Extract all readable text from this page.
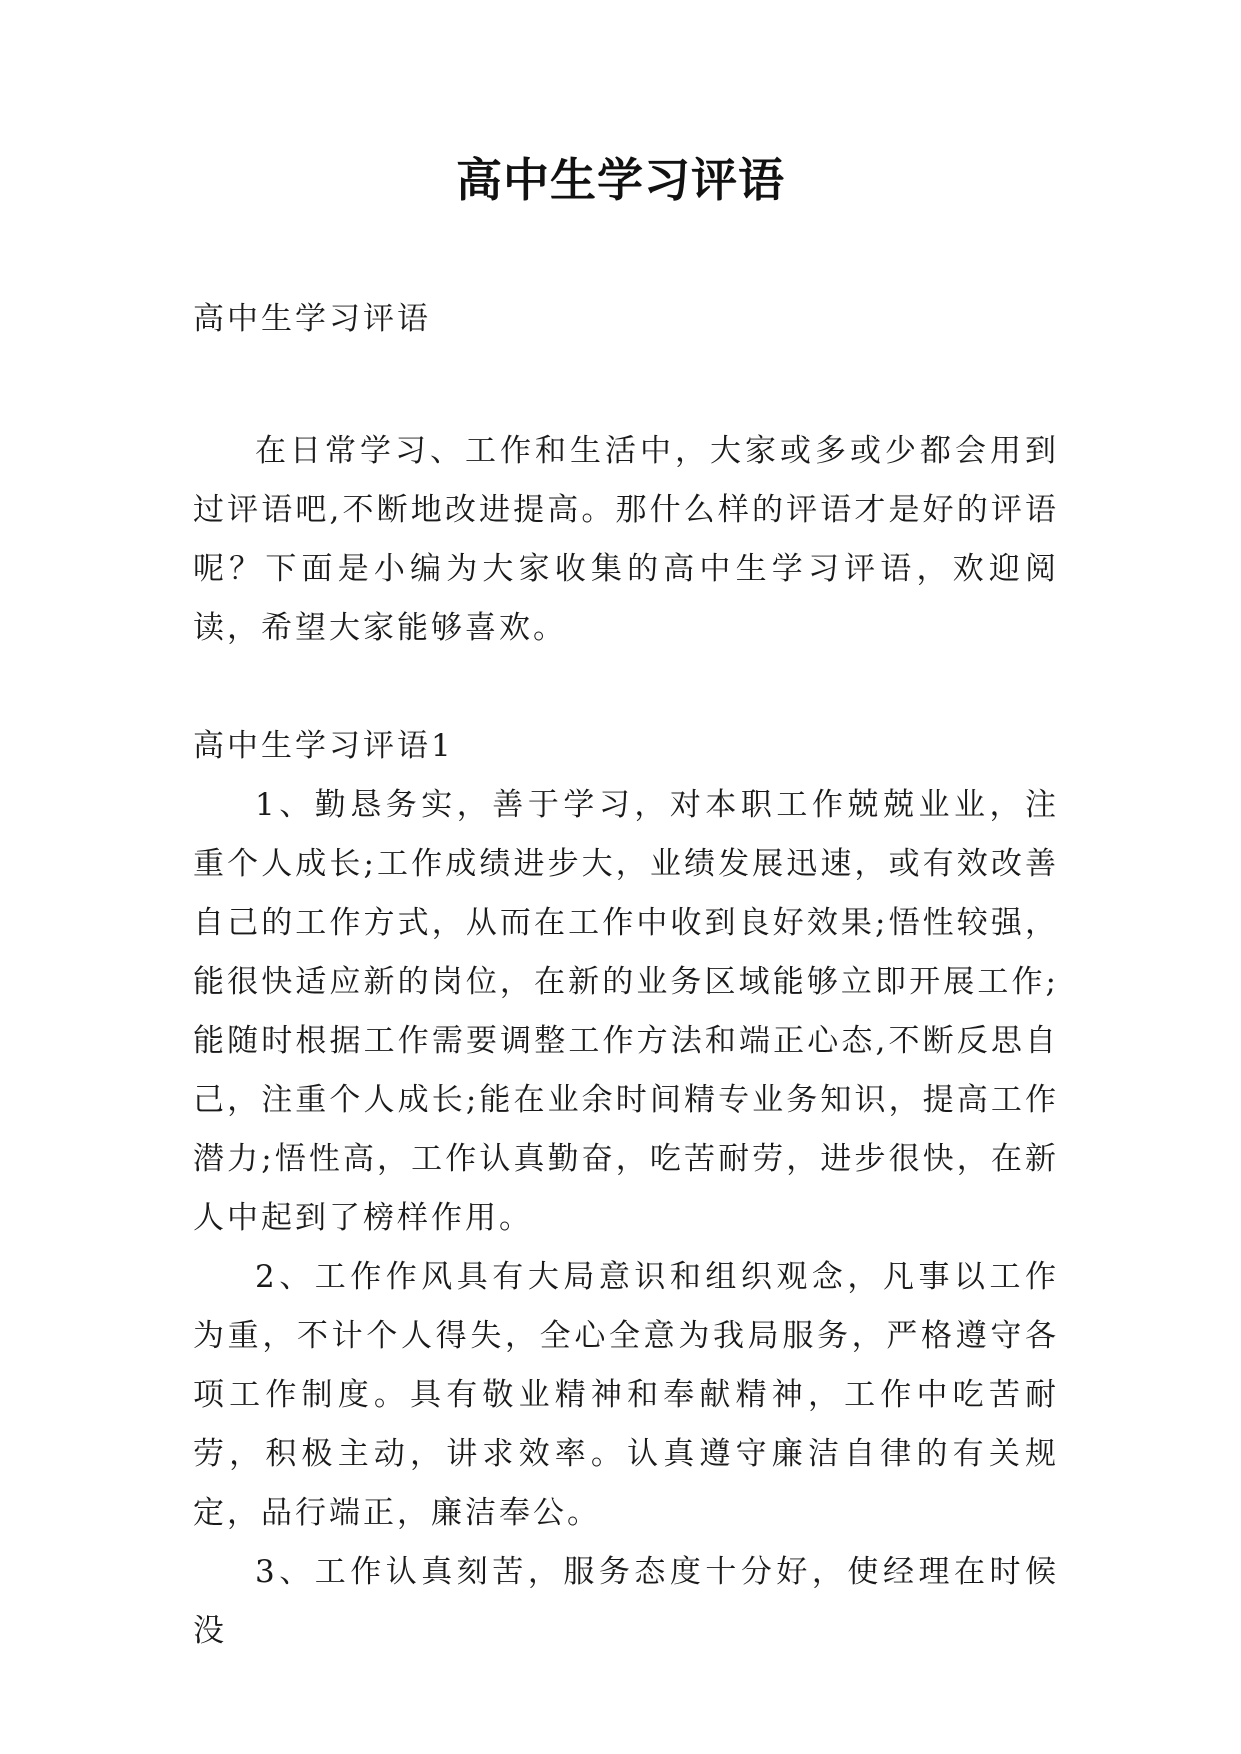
高中生学习评语

高中生学习评语

在日常学习、工作和生活中，大家或多或少都会用到过评语吧,不断地改进提高。那什么样的评语才是好的评语呢？下面是小编为大家收集的高中生学习评语，欢迎阅读，希望大家能够喜欢。

高中生学习评语1

1、勤恳务实，善于学习，对本职工作兢兢业业，注重个人成长;工作成绩进步大，业绩发展迅速，或有效改善自己的工作方式，从而在工作中收到良好效果;悟性较强，能很快适应新的岗位，在新的业务区域能够立即开展工作;能随时根据工作需要调整工作方法和端正心态,不断反思自己，注重个人成长;能在业余时间精专业务知识，提高工作潜力;悟性高，工作认真勤奋，吃苦耐劳，进步很快，在新人中起到了榜样作用。

2、工作作风具有大局意识和组织观念，凡事以工作为重，不计个人得失，全心全意为我局服务，严格遵守各项工作制度。具有敬业精神和奉献精神，工作中吃苦耐劳，积极主动，讲求效率。认真遵守廉洁自律的有关规定，品行端正，廉洁奉公。

3、工作认真刻苦，服务态度十分好，使经理在时候没
